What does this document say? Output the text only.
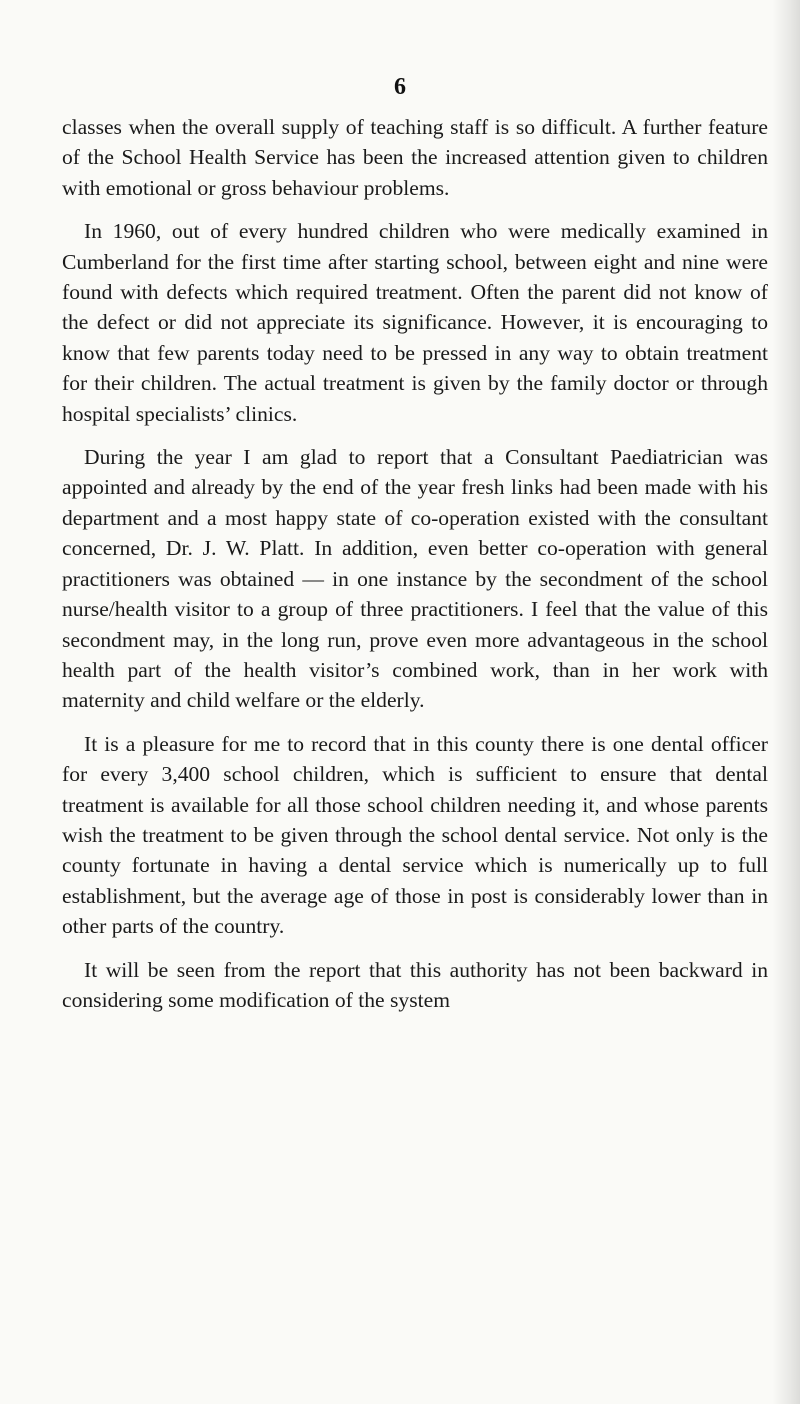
6

classes when the overall supply of teaching staff is so difficult. A further feature of the School Health Service has been the increased attention given to children with emotional or gross behaviour problems.

In 1960, out of every hundred children who were medically examined in Cumberland for the first time after starting school, between eight and nine were found with defects which required treatment. Often the parent did not know of the defect or did not appreciate its significance. However, it is encouraging to know that few parents today need to be pressed in any way to obtain treatment for their children. The actual treatment is given by the family doctor or through hospital specialists’ clinics.

During the year I am glad to report that a Consultant Paediatrician was appointed and already by the end of the year fresh links had been made with his department and a most happy state of co-operation existed with the consultant concerned, Dr. J. W. Platt. In addition, even better co-operation with general practitioners was obtained — in one instance by the secondment of the school nurse/health visitor to a group of three practitioners. I feel that the value of this secondment may, in the long run, prove even more advantageous in the school health part of the health visitor’s combined work, than in her work with maternity and child welfare or the elderly.

It is a pleasure for me to record that in this county there is one dental officer for every 3,400 school children, which is sufficient to ensure that dental treatment is available for all those school children needing it, and whose parents wish the treatment to be given through the school dental service. Not only is the county fortunate in having a dental service which is numerically up to full establishment, but the average age of those in post is considerably lower than in other parts of the country.

It will be seen from the report that this authority has not been backward in considering some modification of the system
